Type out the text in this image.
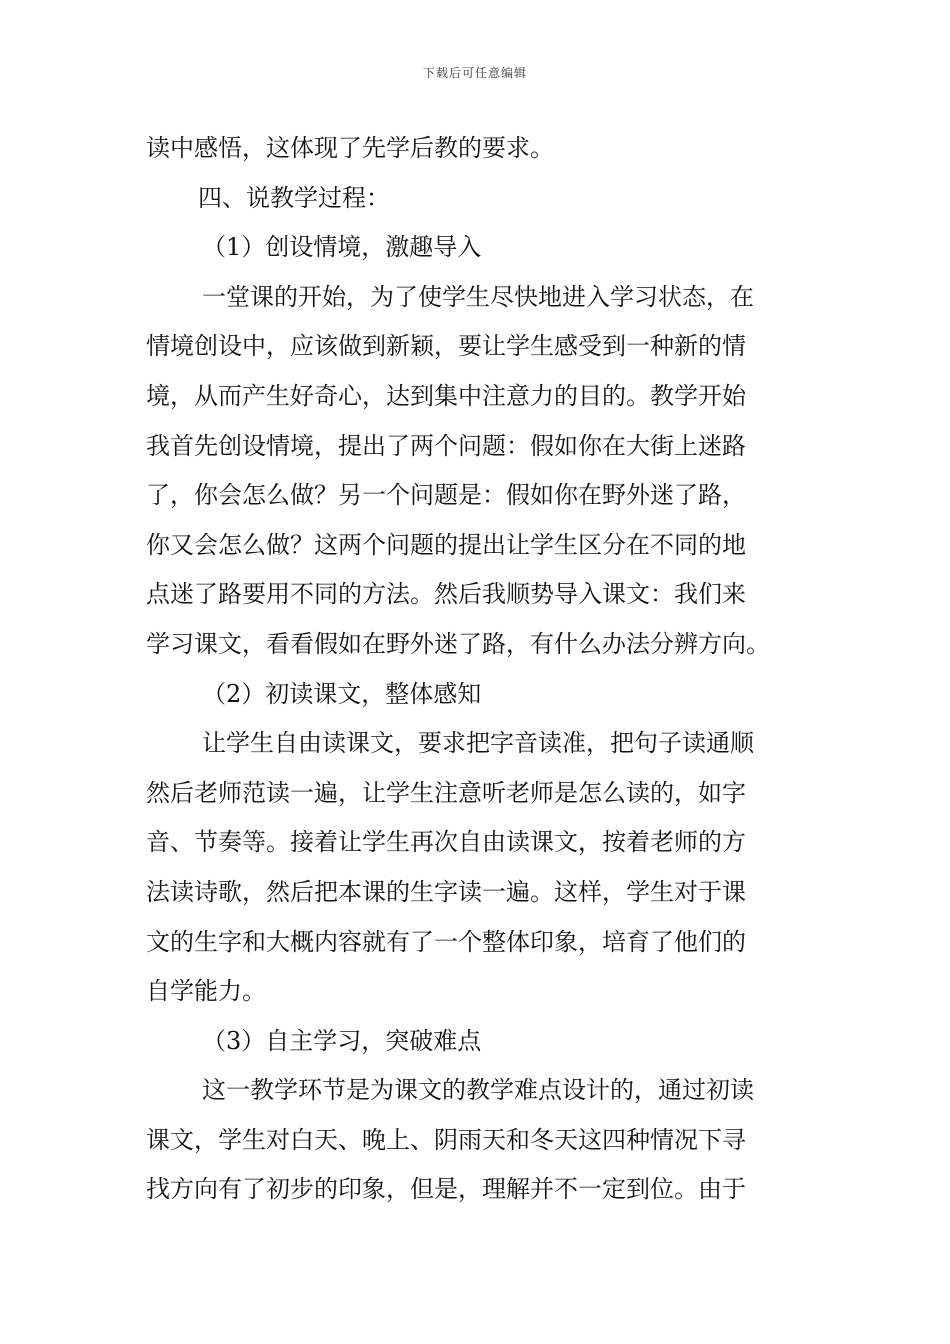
下载后可任意编辑
读中感悟，这体现了先学后教的要求。
四、说教学过程：
（1）创设情境，激趣导入
一堂课的开始，为了使学生尽快地进入学习状态，在
情境创设中，应该做到新颖，要让学生感受到一种新的情
境，从而产生好奇心，达到集中注意力的目的。教学开始
我首先创设情境，提出了两个问题：假如你在大街上迷路
了，你会怎么做？另一个问题是：假如你在野外迷了路，
你又会怎么做？这两个问题的提出让学生区分在不同的地
点迷了路要用不同的方法。然后我顺势导入课文：我们来
学习课文，看看假如在野外迷了路，有什么办法分辨方向。
（2）初读课文，整体感知
让学生自由读课文，要求把字音读准，把句子读通顺
然后老师范读一遍，让学生注意听老师是怎么读的，如字
音、节奏等。接着让学生再次自由读课文，按着老师的方
法读诗歌，然后把本课的生字读一遍。这样，学生对于课
文的生字和大概内容就有了一个整体印象，培育了他们的
自学能力。
（3）自主学习，突破难点
这一教学环节是为课文的教学难点设计的，通过初读
课文，学生对白天、晚上、阴雨天和冬天这四种情况下寻
找方向有了初步的印象，但是，理解并不一定到位。由于
